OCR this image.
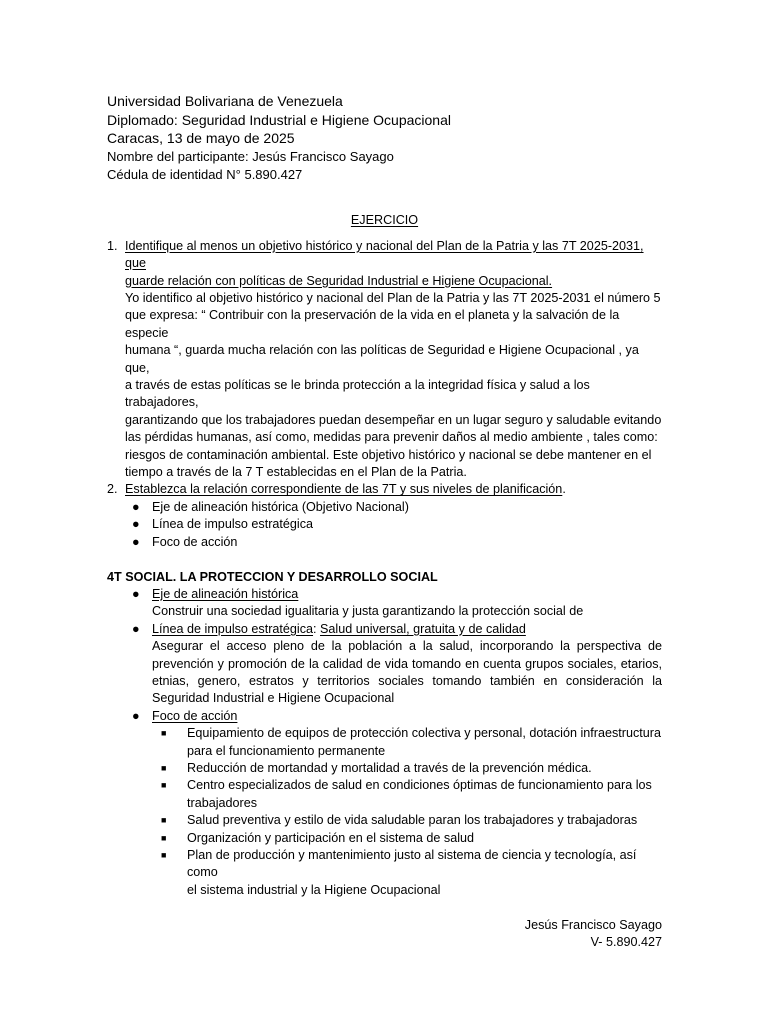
Universidad Bolivariana de Venezuela
Diplomado: Seguridad Industrial e Higiene Ocupacional
Caracas, 13 de mayo de 2025
Nombre del participante: Jesús Francisco Sayago
Cédula de identidad N° 5.890.427
EJERCICIO
1. Identifique al menos un objetivo histórico y nacional del Plan de la Patria y las 7T 2025-2031, que
guarde relación con políticas de Seguridad Industrial e Higiene Ocupacional.
Yo identifico al objetivo histórico y nacional del Plan de la Patria y las 7T 2025-2031 el número 5
que expresa: “ Contribuir con la preservación de la vida en el planeta y la salvación de la especie
humana “, guarda mucha relación con las políticas de Seguridad e Higiene Ocupacional , ya que,
a través de estas políticas se le brinda protección a la integridad física y salud a los trabajadores,
garantizando que los trabajadores puedan desempeñar en un lugar seguro y saludable evitando
las pérdidas humanas, así como, medidas para prevenir daños al medio ambiente , tales como:
riesgos de contaminación ambiental. Este objetivo histórico y nacional se debe mantener en el
tiempo a través de la 7 T establecidas en el Plan de la Patria.
2. Establezca la relación correspondiente de las 7T y sus niveles de planificación.
● Eje de alineación histórica (Objetivo Nacional)
● Línea de impulso estratégica
● Foco de acción
4T SOCIAL. LA PROTECCION Y DESARROLLO SOCIAL
● Eje de alineación histórica
Construir una sociedad igualitaria y justa garantizando la protección social de
● Línea de impulso estratégica: Salud universal, gratuita y de calidad
Asegurar el acceso pleno de la población a la salud, incorporando la perspectiva de
prevención y promoción de la calidad de vida tomando en cuenta grupos sociales, etarios,
etnias, genero, estratos y territorios sociales tomando también en consideración la
Seguridad Industrial e Higiene Ocupacional
● Foco de acción
■ Equipamiento de equipos de protección colectiva y personal, dotación infraestructura
para el funcionamiento permanente
■ Reducción de mortandad y mortalidad a través de la prevención médica.
■ Centro especializados de salud en condiciones óptimas de funcionamiento para los
trabajadores
■ Salud preventiva y estilo de vida saludable paran los trabajadores y trabajadoras
■ Organización y participación en el sistema de salud
■ Plan de producción y mantenimiento justo al sistema de ciencia y tecnología, así como
el sistema industrial y la Higiene Ocupacional
Jesús Francisco Sayago
V- 5.890.427
